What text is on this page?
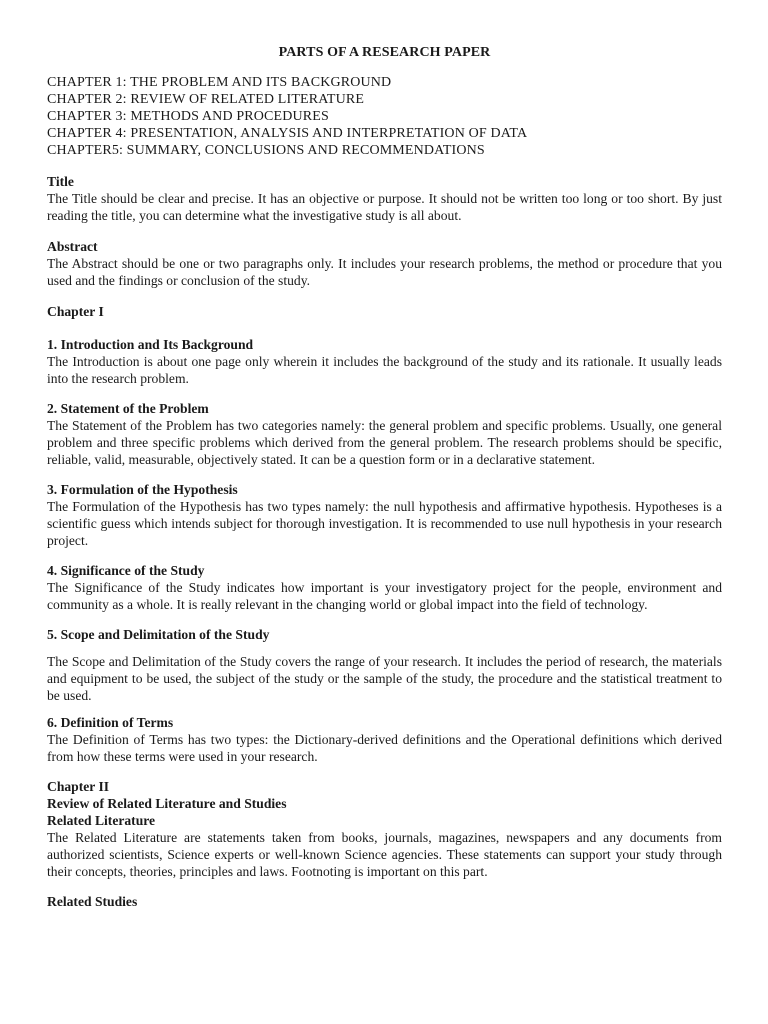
PARTS OF A RESEARCH PAPER
CHAPTER 1: THE PROBLEM AND ITS BACKGROUND
CHAPTER 2: REVIEW OF RELATED LITERATURE
CHAPTER 3: METHODS AND PROCEDURES
CHAPTER 4: PRESENTATION, ANALYSIS AND INTERPRETATION OF DATA
CHAPTER5: SUMMARY, CONCLUSIONS AND RECOMMENDATIONS

Title

The Title should be clear and precise. It has an objective or purpose. It should not be written too long or too short. By just reading the title, you can determine what the investigative study is all about.

Abstract

The Abstract should be one or two paragraphs only. It includes your research problems, the method or procedure that you used and the findings or conclusion of the study.

Chapter I

1. Introduction and Its Background

The Introduction is about one page only wherein it includes the background of the study and its rationale. It usually leads into the research problem.

2. Statement of the Problem

The Statement of the Problem has two categories namely: the general problem and specific problems. Usually, one general problem and three specific problems which derived from the general problem. The research problems should be specific, reliable, valid, measurable, objectively stated. It can be a question form or in a declarative statement.

3. Formulation of the Hypothesis

The Formulation of the Hypothesis has two types namely: the null hypothesis and affirmative hypothesis. Hypotheses is a scientific guess which intends subject for thorough investigation. It is recommended to use null hypothesis in your research project.

4. Significance of the Study

The Significance of the Study indicates how important is your investigatory project for the people, environment and community as a whole. It is really relevant in the changing world or global impact into the field of technology.

5. Scope and Delimitation of the Study

The Scope and Delimitation of the Study covers the range of your research. It includes the period of research, the materials and equipment to be used, the subject of the study or the sample of the study, the procedure and the statistical treatment to be used.

6. Definition of Terms

The Definition of Terms has two types: the Dictionary-derived definitions and the Operational definitions which derived from how these terms were used in your research.

Chapter II

Review of Related Literature and Studies

Related Literature

The Related Literature are statements taken from books, journals, magazines, newspapers and any documents from authorized scientists, Science experts or well-known Science agencies. These statements can support your study through their concepts, theories, principles and laws. Footnoting is important on this part.

Related Studies
